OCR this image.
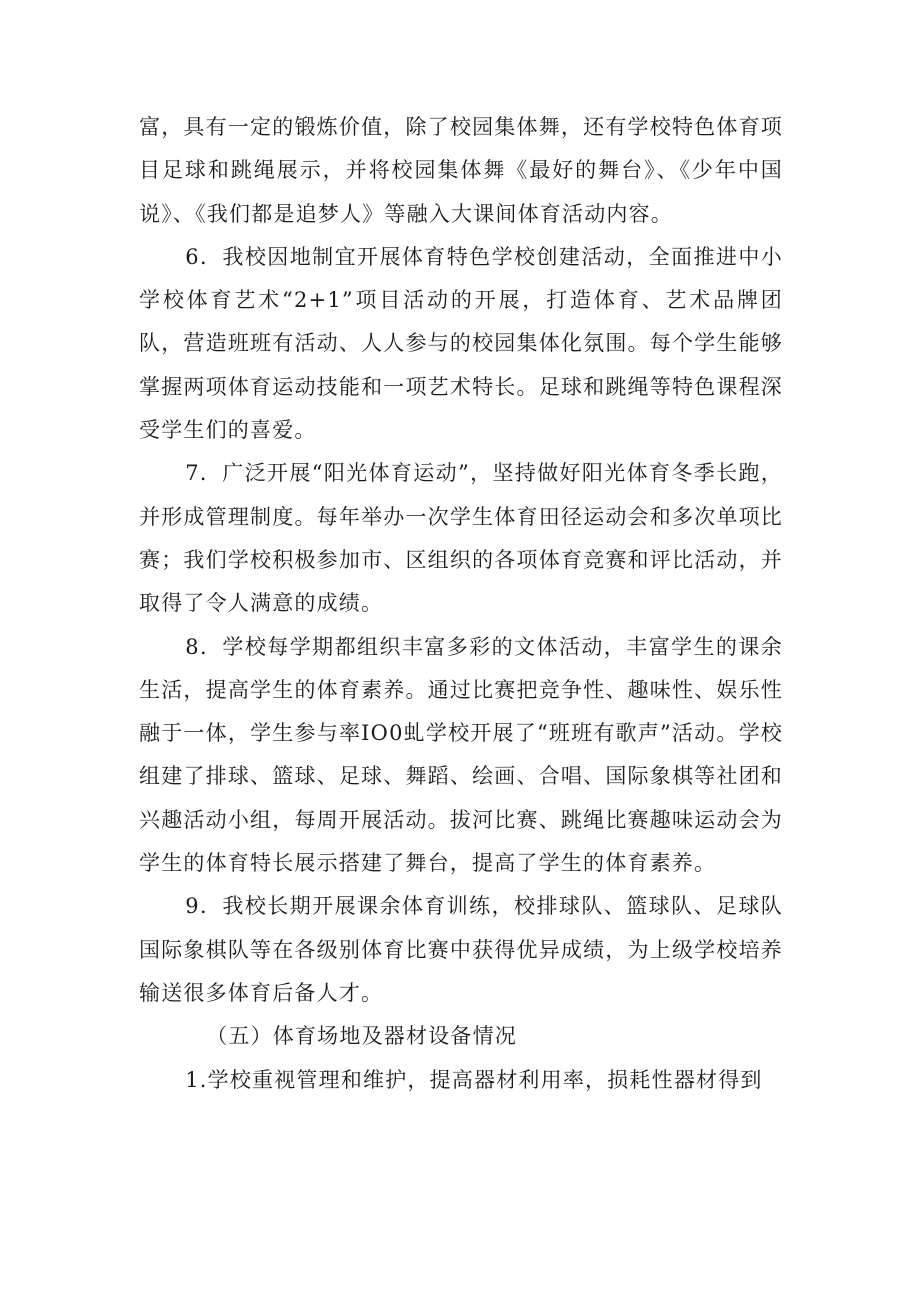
富，具有一定的锻炼价值，除了校园集体舞，还有学校特色体育项目足球和跳绳展示，并将校园集体舞《最好的舞台》、《少年中国说》、《我们都是追梦人》等融入大课间体育活动内容。

6．我校因地制宜开展体育特色学校创建活动，全面推进中小学校体育艺术“2+1”项目活动的开展，打造体育、艺术品牌团队，营造班班有活动、人人参与的校园集体化氛围。每个学生能够掌握两项体育运动技能和一项艺术特长。足球和跳绳等特色课程深受学生们的喜爱。

7．广泛开展“阳光体育运动”，坚持做好阳光体育冬季长跑，并形成管理制度。每年举办一次学生体育田径运动会和多次单项比赛；我们学校积极参加市、区组织的各项体育竞赛和评比活动，并取得了令人满意的成绩。

8．学校每学期都组织丰富多彩的文体活动，丰富学生的课余生活，提高学生的体育素养。通过比赛把竞争性、趣味性、娱乐性融于一体，学生参与率IO0虬学校开展了“班班有歌声”活动。学校组建了排球、篮球、足球、舞蹈、绘画、合唱、国际象棋等社团和兴趣活动小组，每周开展活动。拔河比赛、跳绳比赛趣味运动会为学生的体育特长展示搭建了舞台，提高了学生的体育素养。

9．我校长期开展课余体育训练，校排球队、篮球队、足球队国际象棋队等在各级别体育比赛中获得优异成绩，为上级学校培养输送很多体育后备人才。

（五）体育场地及器材设备情况

1.学校重视管理和维护，提高器材利用率，损耗性器材得到
